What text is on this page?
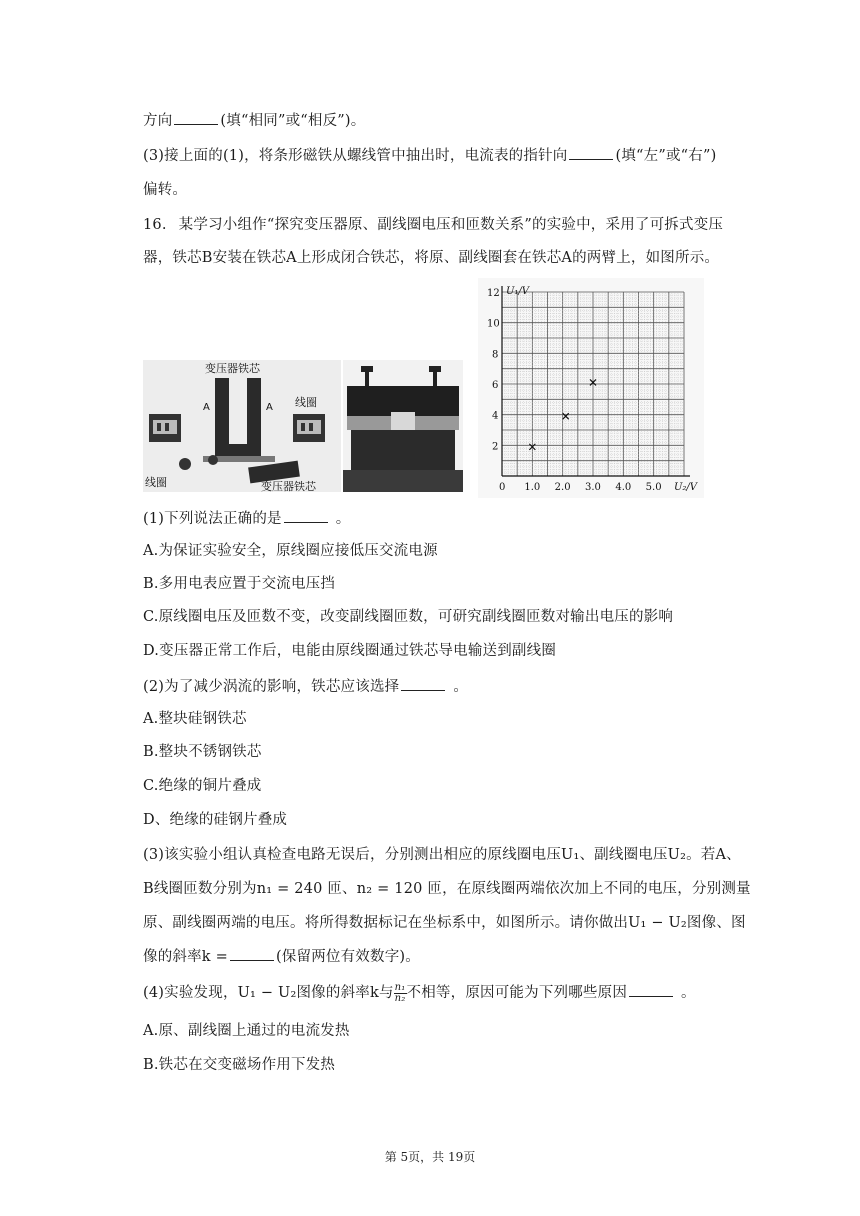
方向	(填“相同”或“相反”)。
(3)接上面的(1)，将条形磁铁从螺线管中抽出时，电流表的指针向	(填“左”或“右”)
偏转。
16. 某学习小组作“探究变压器原、副线圈电压和匝数关系”的实验中，采用了可拆式变压
器，铁芯B安装在铁芯A上形成闭合铁芯，将原、副线圈套在铁芯A的两臂上，如图所示。
变压器铁芯
A	A 线圈
线圈	变压器铁芯	0 1.0 2.0 3.0 4.0 5.0
2
4
6
8
10
12
U₂/V
U₁/V
(1)下列说法正确的是	。
A.为保证实验安全，原线圈应接低压交流电源
B.多用电表应置于交流电压挡
C.原线圈电压及匝数不变，改变副线圈匝数，可研究副线圈匝数对输出电压的影响
D.变压器正常工作后，电能由原线圈通过铁芯导电输送到副线圈
(2)为了减少涡流的影响，铁芯应该选择	。
A.整块硅钢铁芯
B.整块不锈钢铁芯
C.绝缘的铜片叠成
D、绝缘的硅钢片叠成
(3)该实验小组认真检查电路无误后，分别测出相应的原线圈电压U₁、副线圈电压U₂。若A、
B线圈匝数分别为n₁ = 240 匝、n₂ = 120 匝，在原线圈两端依次加上不同的电压，分别测量
原、副线圈两端的电压。将所得数据标记在坐标系中，如图所示。请你做出U₁ − U₂图像、图
像的斜率k =	(保留两位有效数字)。
(4)实验发现，U₁ − U₂图像的斜率k与 $\frac{\text{n₁}}{\text{n₂}}$ 不相等，原因可能为下列哪些原因	。
A.原、副线圈上通过的电流发热
B.铁芯在交变磁场作用下发热
第 5页，共 19页
